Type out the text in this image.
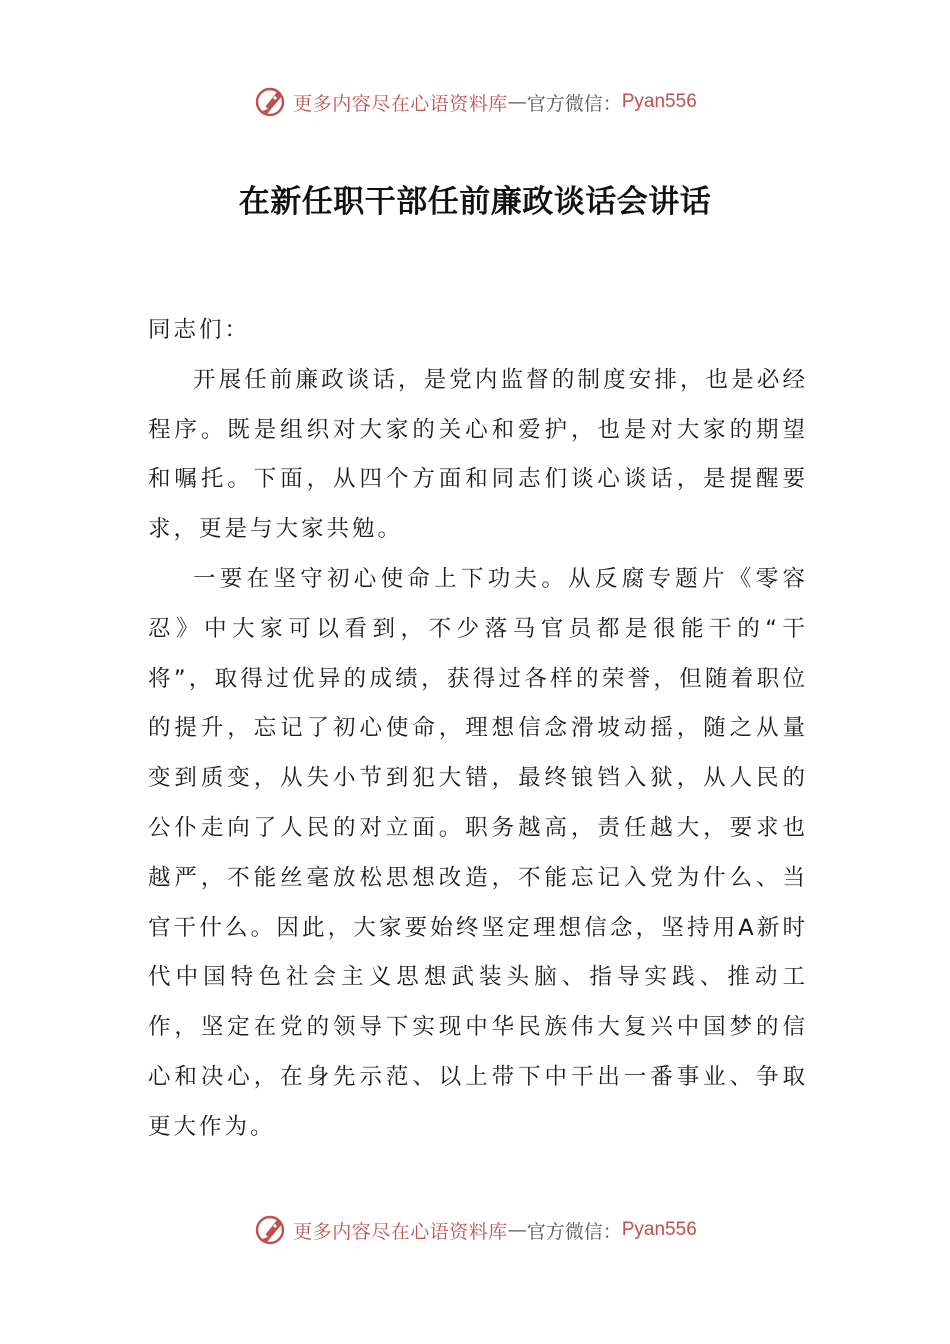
更多内容尽在心语资料库 — 官方微信： Pyan556
在新任职干部任前廉政谈话会讲话

同志们：

开展任前廉政谈话，是党内监督的制度安排，也是必经程序。既是组织对大家的关心和爱护，也是对大家的期望和嘱托。下面，从四个方面和同志们谈心谈话，是提醒要求，更是与大家共勉。

一要在坚守初心使命上下功夫。从反腐专题片《零容忍》中大家可以看到，不少落马官员都是很能干的“干将”，取得过优异的成绩，获得过各样的荣誉，但随着职位的提升，忘记了初心使命，理想信念滑坡动摇，随之从量变到质变，从失小节到犯大错，最终锒铛入狱，从人民的公仆走向了人民的对立面。职务越高，责任越大，要求也越严，不能丝毫放松思想改造，不能忘记入党为什么、当官干什么。因此，大家要始终坚定理想信念，坚持用A新时代中国特色社会主义思想武装头脑、指导实践、推动工作，坚定在党的领导下实现中华民族伟大复兴中国梦的信心和决心，在身先示范、以上带下中干出一番事业、争取更大作为。

更多内容尽在心语资料库 — 官方微信： Pyan556
